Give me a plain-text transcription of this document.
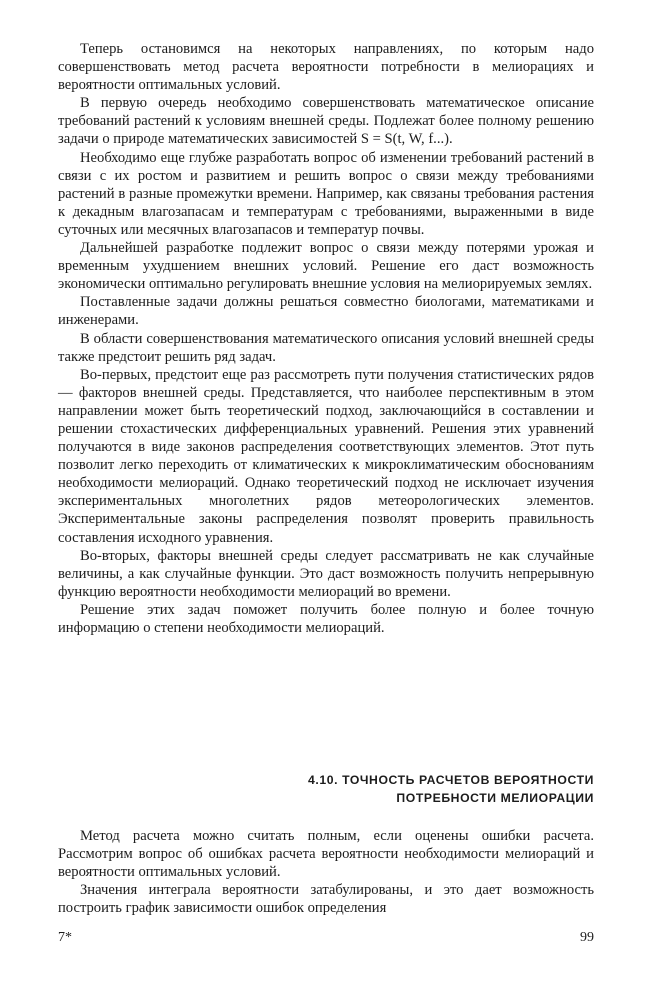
Теперь остановимся на некоторых направлениях, по которым надо совершенствовать метод расчета вероятности потребности в мелиорациях и вероятности оптимальных условий.

В первую очередь необходимо совершенствовать математическое описание требований растений к условиям внешней среды. Подлежат более полному решению задачи о природе математических зависимостей S = S(t, W, f...).

Необходимо еще глубже разработать вопрос об изменении требований растений в связи с их ростом и развитием и решить вопрос о связи между требованиями растений в разные промежутки времени. Например, как связаны требования растения к декадным влагозапасам и температурам с требованиями, выраженными в виде суточных или месячных влагозапасов и температур почвы.

Дальнейшей разработке подлежит вопрос о связи между потерями урожая и временным ухудшением внешних условий. Решение его даст возможность экономически оптимально регулировать внешние условия на мелиорируемых землях.

Поставленные задачи должны решаться совместно биологами, математиками и инженерами.

В области совершенствования математического описания условий внешней среды также предстоит решить ряд задач.

Во-первых, предстоит еще раз рассмотреть пути получения статистических рядов — факторов внешней среды. Представляется, что наиболее перспективным в этом направлении может быть теоретический подход, заключающийся в составлении и решении стохастических дифференциальных уравнений. Решения этих уравнений получаются в виде законов распределения соответствующих элементов. Этот путь позволит легко переходить от климатических к микроклиматическим обоснованиям необходимости мелиораций. Однако теоретический подход не исключает изучения экспериментальных многолетних рядов метеорологических элементов. Экспериментальные законы распределения позволят проверить правильность составления исходного уравнения.

Во-вторых, факторы внешней среды следует рассматривать не как случайные величины, а как случайные функции. Это даст возможность получить непрерывную функцию вероятности необходимости мелиораций во времени.

Решение этих задач поможет получить более полную и более точную информацию о степени необходимости мелиораций.

4.10. ТОЧНОСТЬ РАСЧЕТОВ ВЕРОЯТНОСТИ
ПОТРЕБНОСТИ МЕЛИОРАЦИИ

Метод расчета можно считать полным, если оценены ошибки расчета. Рассмотрим вопрос об ошибках расчета вероятности необходимости мелиораций и вероятности оптимальных условий.

Значения интеграла вероятности затабулированы, и это дает возможность построить график зависимости ошибок определения

7*	99
